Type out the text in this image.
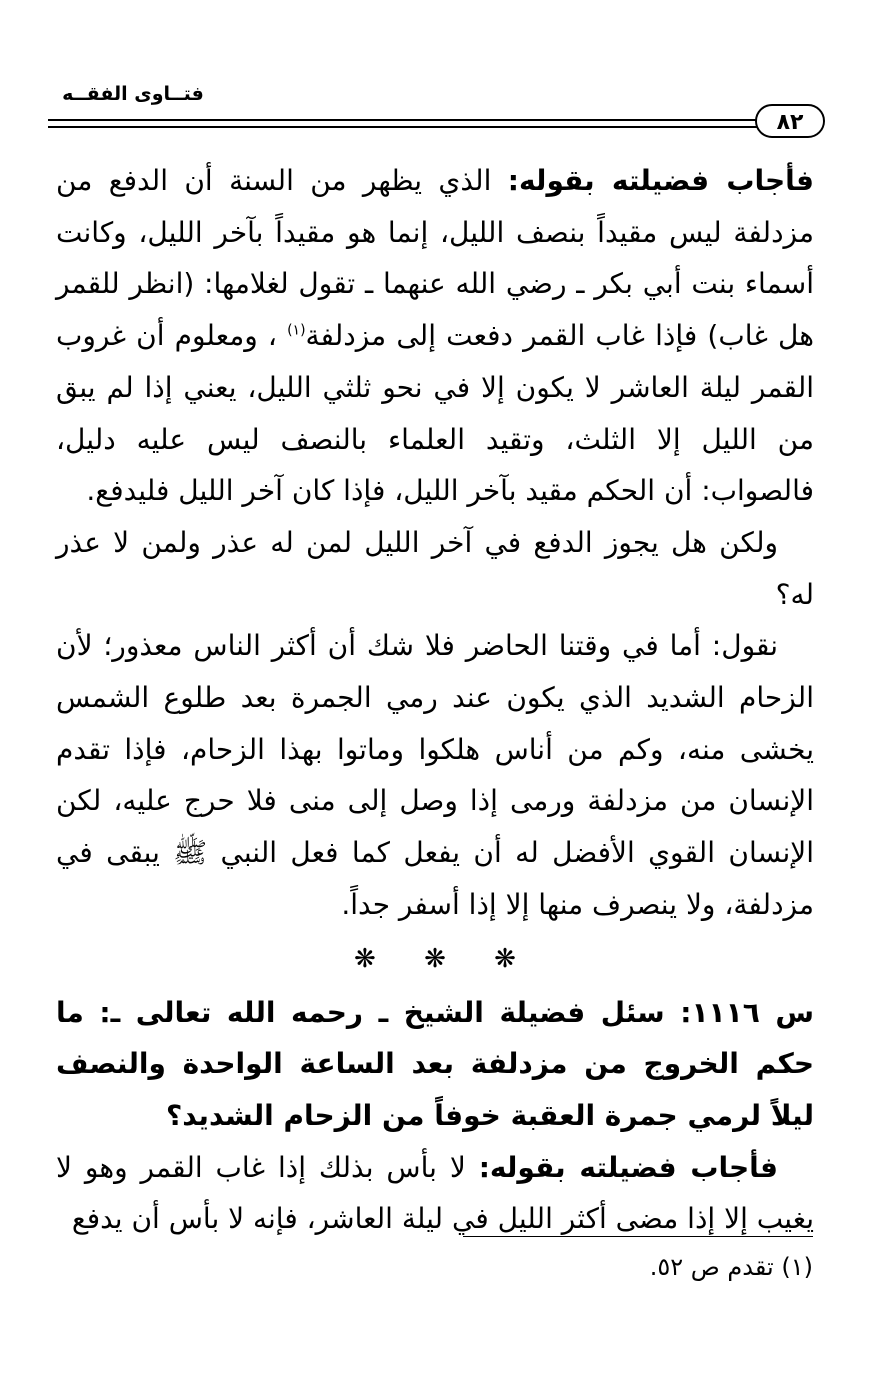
فتــاوى الفقــه
٨٢

فأجاب فضيلته بقوله: الذي يظهر من السنة أن الدفع من مزدلفة ليس مقيداً بنصف الليل، إنما هو مقيداً بآخر الليل، وكانت أسماء بنت أبي بكر ـ رضي الله عنهما ـ تقول لغلامها: (انظر للقمر هل غاب) فإذا غاب القمر دفعت إلى مزدلفة$^{(١)}$ ، ومعلوم أن غروب القمر ليلة العاشر لا يكون إلا في نحو ثلثي الليل، يعني إذا لم يبق من الليل إلا الثلث، وتقيد العلماء بالنصف ليس عليه دليل، فالصواب: أن الحكم مقيد بآخر الليل، فإذا كان آخر الليل فليدفع.

ولكن هل يجوز الدفع في آخر الليل لمن له عذر ولمن لا عذر له؟

نقول: أما في وقتنا الحاضر فلا شك أن أكثر الناس معذور؛ لأن الزحام الشديد الذي يكون عند رمي الجمرة بعد طلوع الشمس يخشى منه، وكم من أناس هلكوا وماتوا بهذا الزحام، فإذا تقدم الإنسان من مزدلفة ورمى إذا وصل إلى منى فلا حرج عليه، لكن الإنسان القوي الأفضل له أن يفعل كما فعل النبي ﷺ يبقى في مزدلفة، ولا ينصرف منها إلا إذا أسفر جداً.

❋ ❋ ❋

س ١١١٦: سئل فضيلة الشيخ ـ رحمه الله تعالى ـ: ما حكم الخروج من مزدلفة بعد الساعة الواحدة والنصف ليلاً لرمي جمرة العقبة خوفاً من الزحام الشديد؟

فأجاب فضيلته بقوله: لا بأس بذلك إذا غاب القمر وهو لا يغيب إلا إذا مضى أكثر الليل في ليلة العاشر، فإنه لا بأس أن يدفع

(١) تقدم ص ٥٢.
